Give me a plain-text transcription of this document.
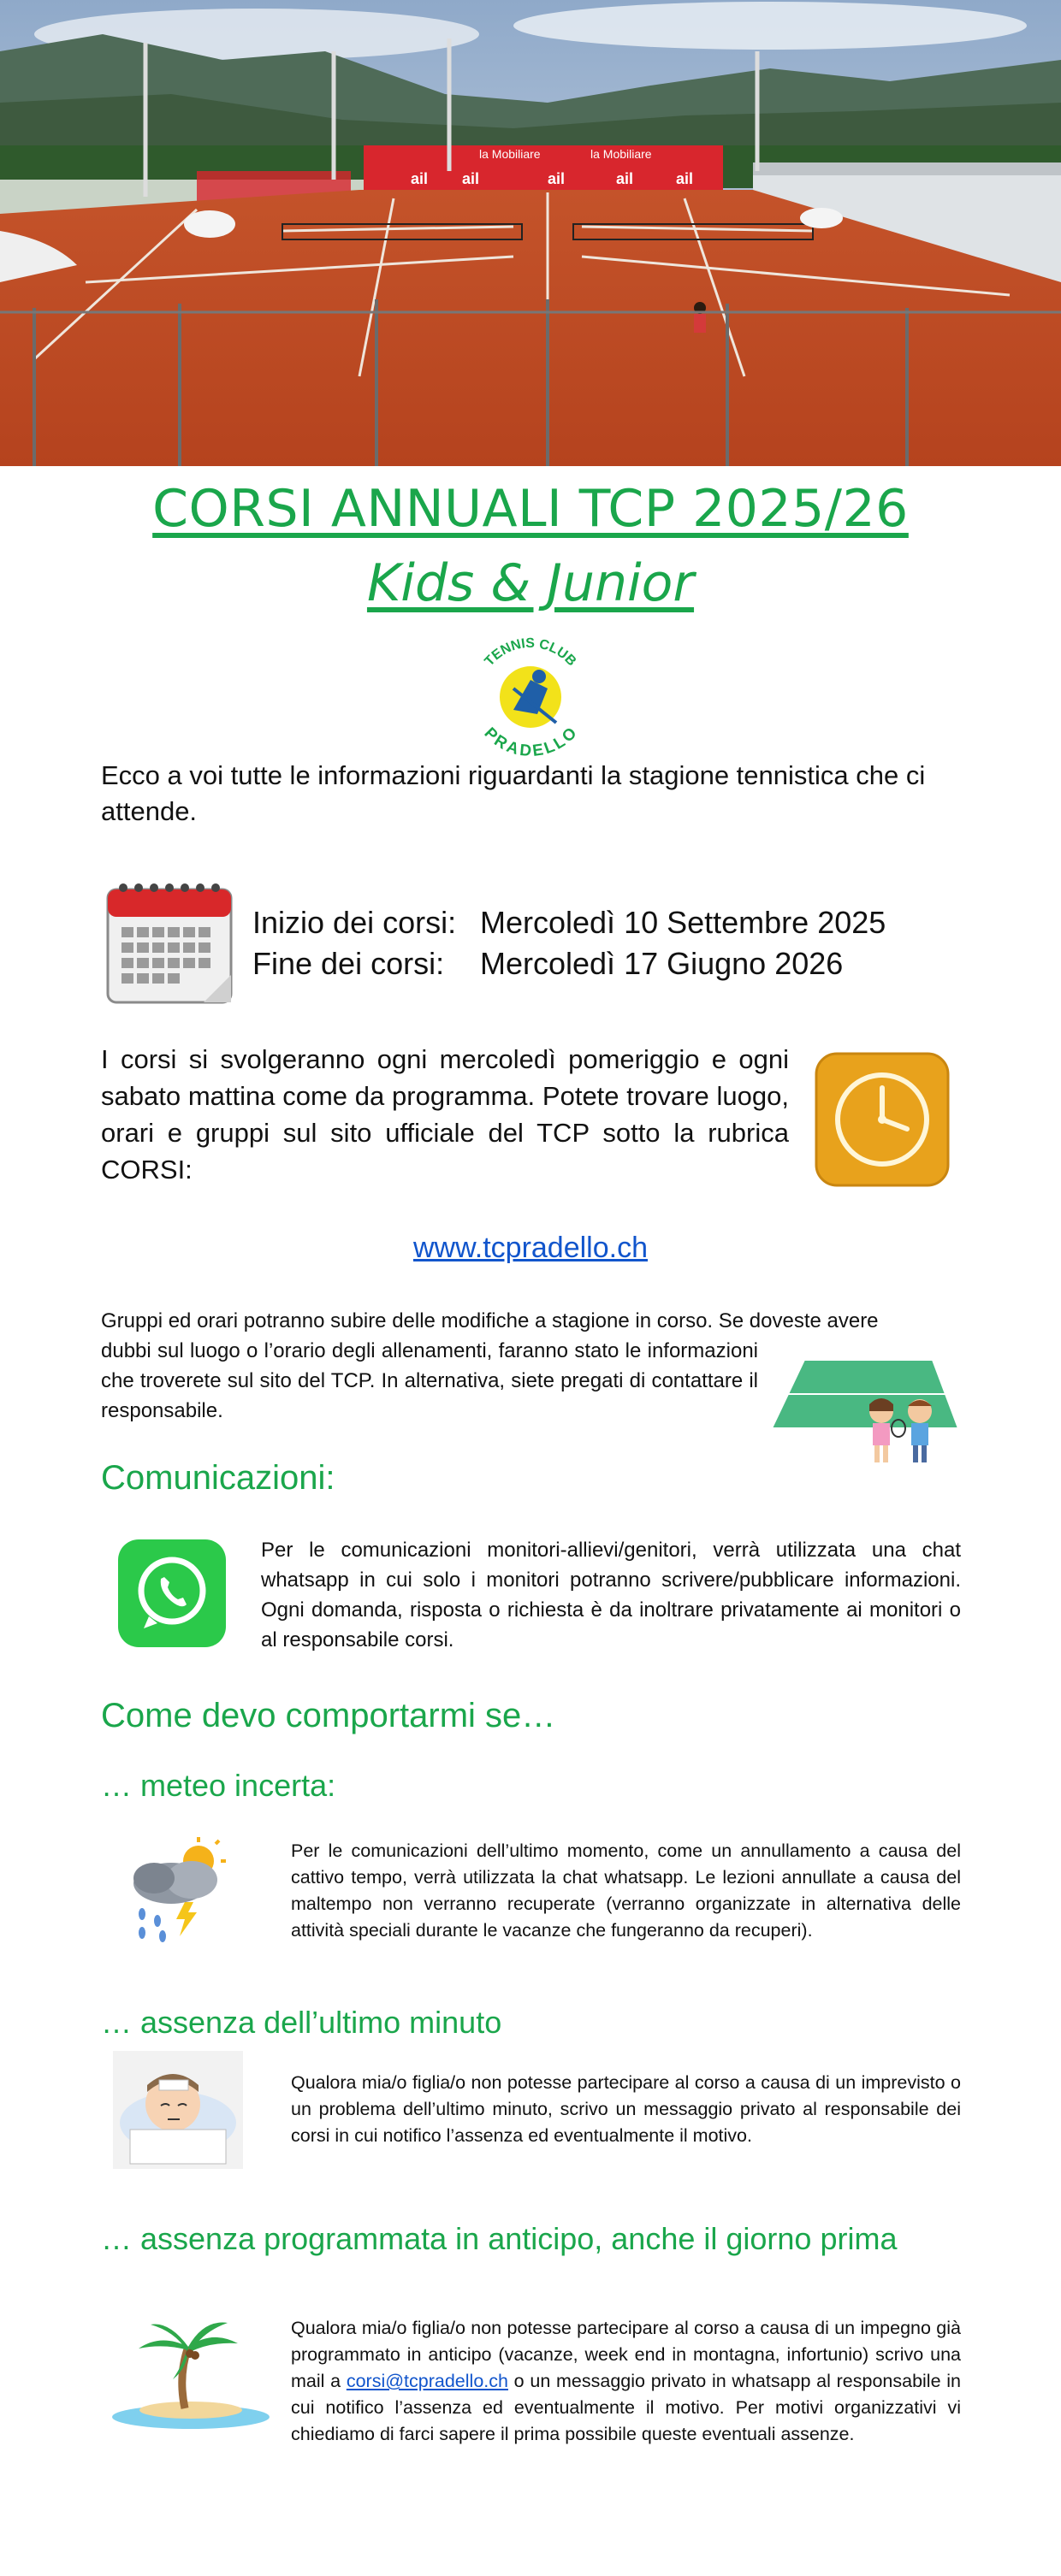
la Mobiliare	la Mobiliare
ail ail	ail	ail	ail
CORSI ANNUALI TCP 2025/26
Kids & Junior
TENNIS CLUB
PRADELLO
Ecco a voi tutte le informazioni riguardanti la stagione tennistica che ci attende.
Inizio dei corsi: Mercoledì 10 Settembre 2025
Fine dei corsi: Mercoledì 17 Giugno 2026
I corsi si svolgeranno ogni mercoledì pomeriggio e ogni sabato mattina come da programma. Potete trovare luogo, orari e gruppi sul sito ufficiale del TCP sotto la rubrica CORSI:
www.tcpradello.ch
Gruppi ed orari potranno subire delle modifiche a stagione in corso. Se doveste avere
dubbi sul luogo o l’orario degli allenamenti, faranno stato le informazioni che troverete sul sito del TCP. In alternativa, siete pregati di contattare il responsabile.
Comunicazioni:
Per le comunicazioni monitori-allievi/genitori, verrà utilizzata una chat whatsapp in cui solo i monitori potranno scrivere/pubblicare informazioni. Ogni domanda, risposta o richiesta è da inoltrare privatamente ai monitori o al responsabile corsi.
Come devo comportarmi se…
… meteo incerta:
Per le comunicazioni dell’ultimo momento, come un annullamento a causa del cattivo tempo, verrà utilizzata la chat whatsapp. Le lezioni annullate a causa del maltempo non verranno recuperate (verranno organizzate in alternativa delle attività speciali durante le vacanze che fungeranno da recuperi).
… assenza dell’ultimo minuto
Qualora mia/o figlia/o non potesse partecipare al corso a causa di un imprevisto o un problema dell’ultimo minuto, scrivo un messaggio privato al responsabile dei corsi in cui notifico l’assenza ed eventualmente il motivo.
… assenza programmata in anticipo, anche il giorno prima
Qualora mia/o figlia/o non potesse partecipare al corso a causa di un impegno già programmato in anticipo (vacanze, week end in montagna, infortunio) scrivo una mail a corsi@tcpradello.ch o un messaggio privato in whatsapp al responsabile in cui notifico l’assenza ed eventualmente il motivo. Per motivi organizzativi vi chiediamo di farci sapere il prima possibile queste eventuali assenze.
